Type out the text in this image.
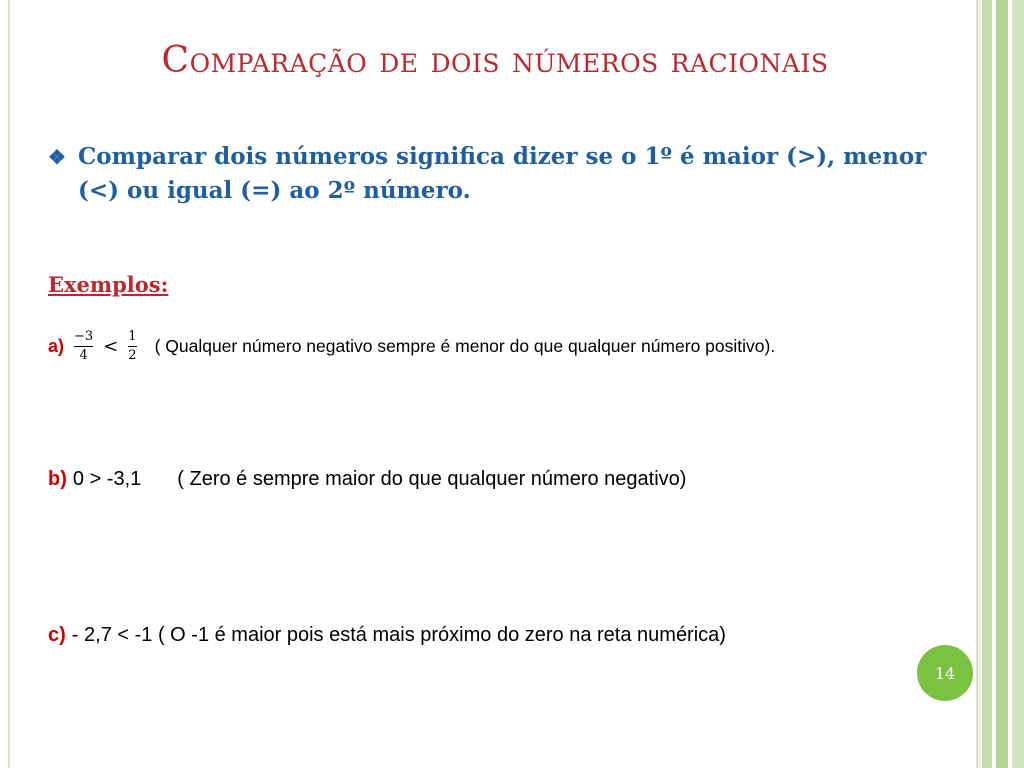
Comparação de dois números racionais
❖ Comparar dois números significa dizer se o 1º é maior (>), menor (<) ou igual (=) ao 2º número.
Exemplos:
$a) \frac{-3}{4} < \frac{1}{2}$ ( Qualquer número negativo sempre é menor do que qualquer número positivo).
b) 0 > -3,1 ( Zero é sempre maior do que qualquer número negativo)
c) - 2,7 < -1 ( O -1 é maior pois está mais próximo do zero na reta numérica)
14
